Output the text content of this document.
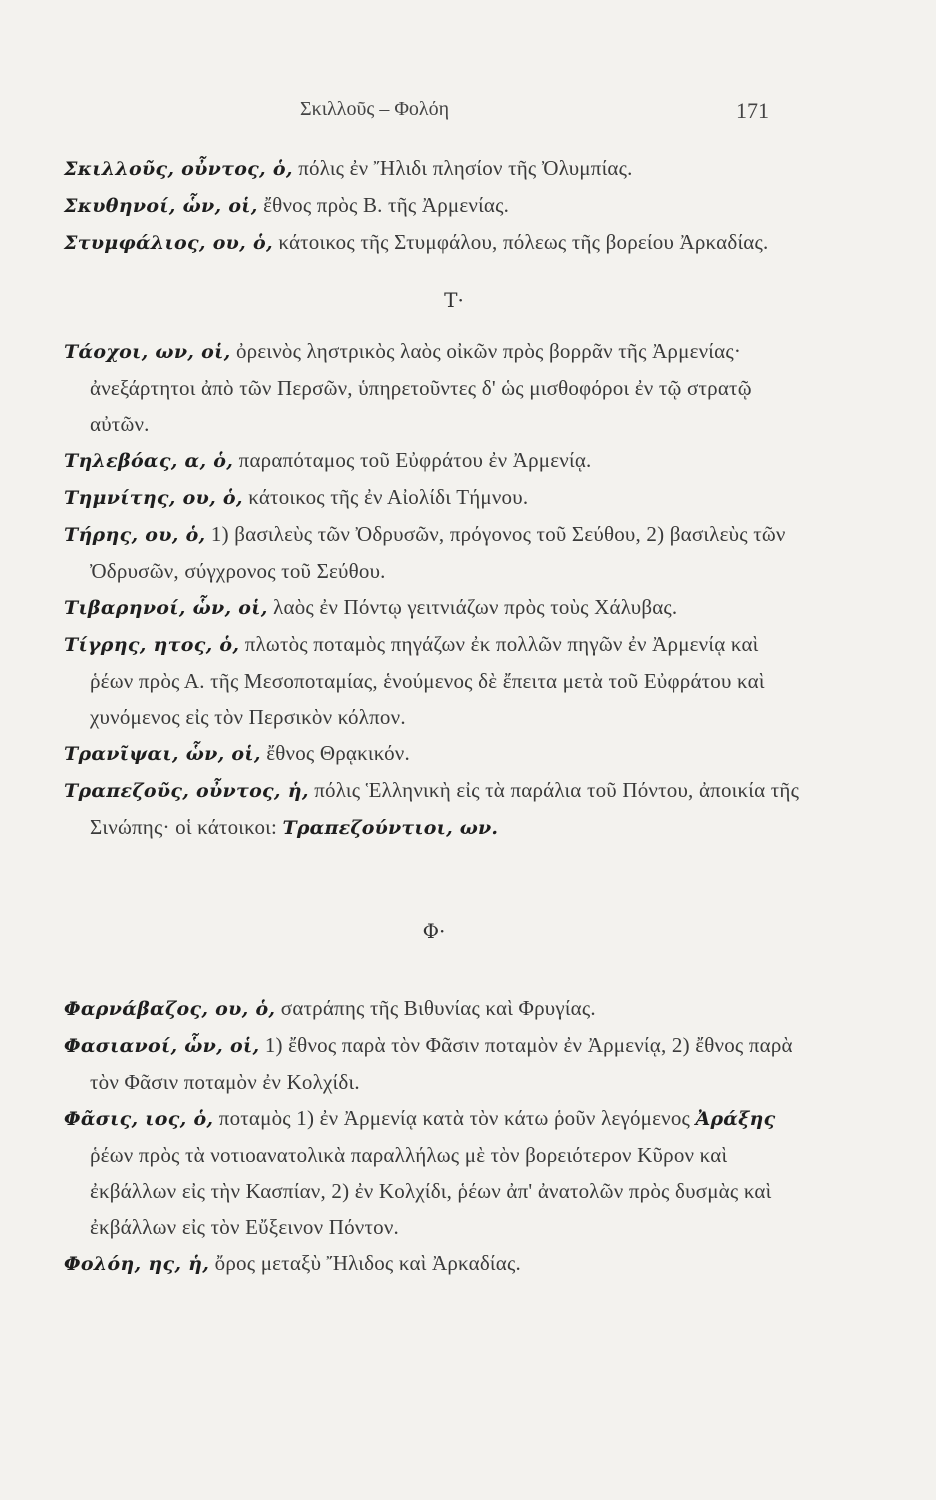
Σκιλλοῦς – Φολόη	171

Σκιλλοῦς, οὖντος, ὁ, πόλις ἐν Ἤλιδι πλησίον τῆς Ὀλυμπίας.

Σκυθηνοί, ὧν, οἱ, ἔθνος πρὸς Β. τῆς Ἀρμενίας.

Στυμφάλιος, ου, ὁ, κάτοικος τῆς Στυμφάλου, πόλεως τῆς βορείου Ἀρκαδίας.

Τ·

Τάοχοι, ων, οἱ, ὀρεινὸς ληστρικὸς λαὸς οἰκῶν πρὸς βορρᾶν τῆς Ἀρμενίας· ἀνεξάρτητοι ἀπὸ τῶν Περσῶν, ὑπηρετοῦντες δ' ὡς μισθοφόροι ἐν τῷ στρατῷ αὐτῶν.

Τηλεβόας, α, ὁ, παραπόταμος τοῦ Εὐφράτου ἐν Ἀρμενίᾳ.

Τημνίτης, ου, ὁ, κάτοικος τῆς ἐν Αἰολίδι Τήμνου.

Τήρης, ου, ὁ, 1) βασιλεὺς τῶν Ὀδρυσῶν, πρόγονος τοῦ Σεύθου, 2) βασιλεὺς τῶν Ὀδρυσῶν, σύγχρονος τοῦ Σεύθου.

Τιβαρηνοί, ὧν, οἱ, λαὸς ἐν Πόντῳ γειτνιάζων πρὸς τοὺς Χάλυβας.

Τίγρης, ητος, ὁ, πλωτὸς ποταμὸς πηγάζων ἐκ πολλῶν πηγῶν ἐν Ἀρμενίᾳ καὶ ῥέων πρὸς Α. τῆς Μεσοποταμίας, ἑνούμενος δὲ ἔπειτα μετὰ τοῦ Εὐφράτου καὶ χυνόμενος εἰς τὸν Περσικὸν κόλπον.

Τρανῖψαι, ὧν, οἱ, ἔθνος Θρᾳκικόν.

Τραπεζοῦς, οὖντος, ἡ, πόλις Ἑλληνικὴ εἰς τὰ παράλια τοῦ Πόντου, ἀποικία τῆς Σινώπης· οἱ κάτοικοι: Τραπεζούντιοι, ων.

Φ·

Φαρνάβαζος, ου, ὁ, σατράπης τῆς Βιθυνίας καὶ Φρυγίας.

Φασιανοί, ὧν, οἱ, 1) ἔθνος παρὰ τὸν Φᾶσιν ποταμὸν ἐν Ἀρμενίᾳ, 2) ἔθνος παρὰ τὸν Φᾶσιν ποταμὸν ἐν Κολχίδι.

Φᾶσις, ιος, ὁ, ποταμὸς 1) ἐν Ἀρμενίᾳ κατὰ τὸν κάτω ῥοῦν λεγόμενος Ἀράξης ῥέων πρὸς τὰ νοτιοανατολικὰ παραλλήλως μὲ τὸν βορειότερον Κῦρον καὶ ἐκβάλλων εἰς τὴν Κασπίαν, 2) ἐν Κολχίδι, ῥέων ἀπ' ἀνατολῶν πρὸς δυσμὰς καὶ ἐκβάλλων εἰς τὸν Εὔξεινον Πόντον.

Φολόη, ης, ἡ, ὄρος μεταξὺ Ἤλιδος καὶ Ἀρκαδίας.
